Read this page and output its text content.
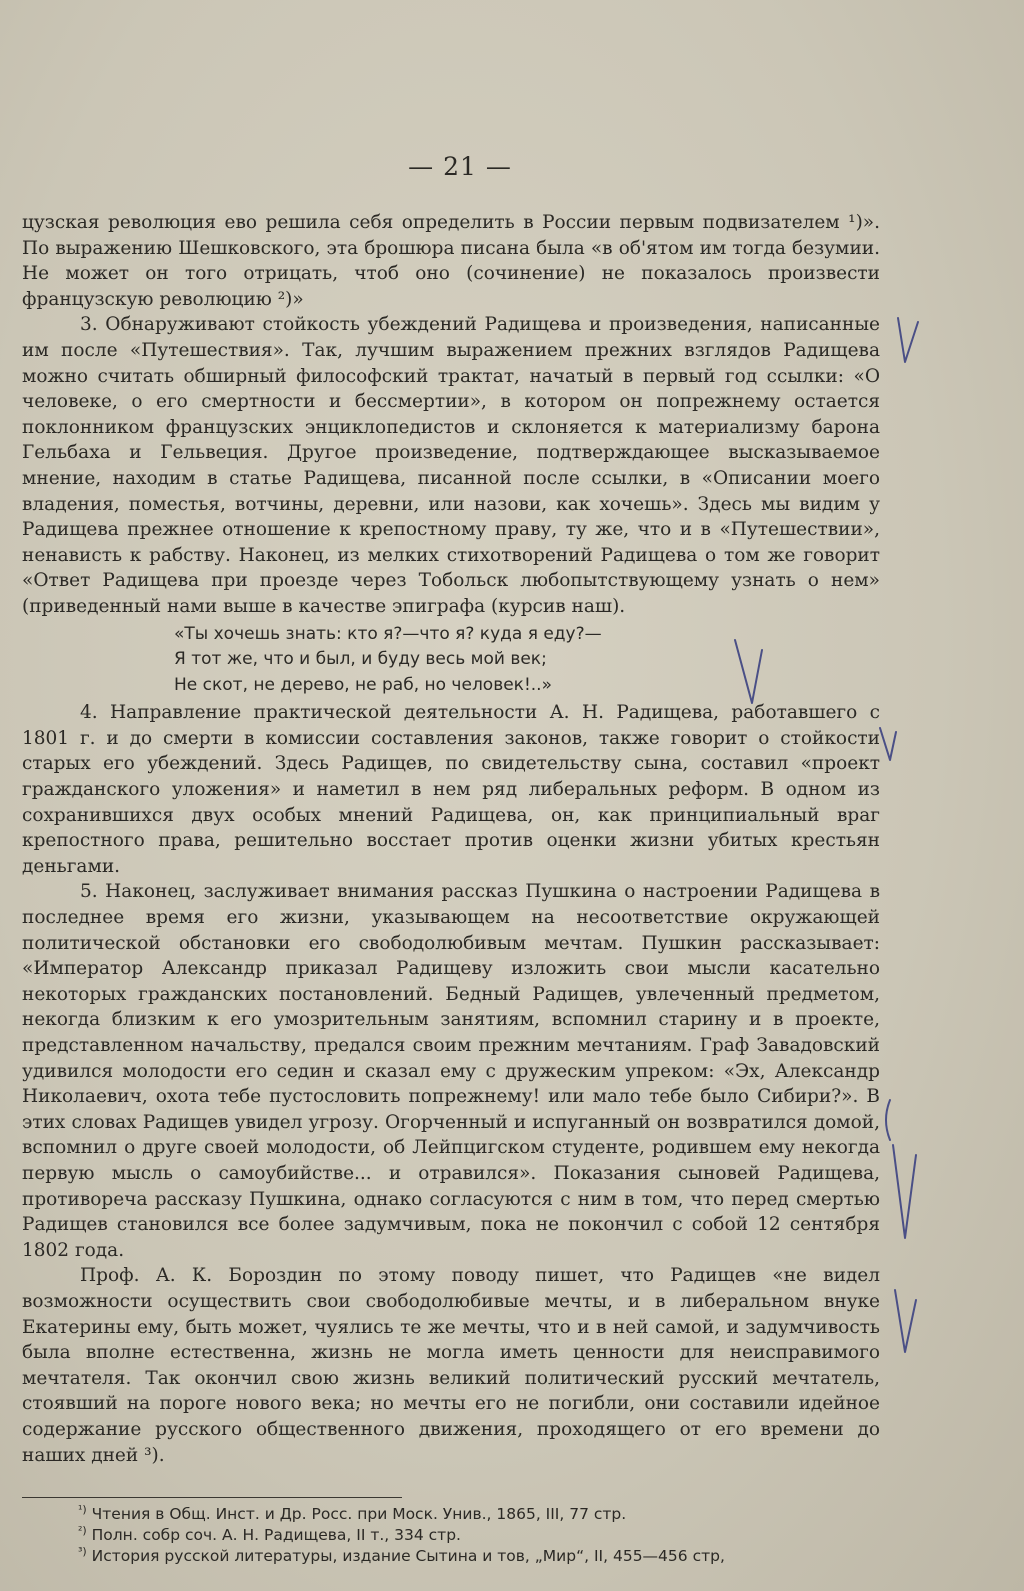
— 21 —

цузская революция ево решила себя определить в России первым подвизателем ¹)». По выражению Шешковского, эта брошюра писана была «в об'ятом им тогда безумии. Не может он того отрицать, чтоб оно (сочинение) не показалось произвести французскую революцию ²)»

3. Обнаруживают стойкость убеждений Радищева и произведения, написанные им после «Путешествия». Так, лучшим выражением прежних взглядов Радищева можно считать обширный философский трактат, начатый в первый год ссылки: «О человеке, о его смертности и бессмертии», в котором он попрежнему остается поклонником французских энциклопедистов и склоняется к материализму барона Гельбаха и Гельвеция. Другое произведение, подтверждающее высказываемое мнение, находим в статье Радищева, писанной после ссылки, в «Описании моего владения, поместья, вотчины, деревни, или назови, как хочешь». Здесь мы видим у Радищева прежнее отношение к крепостному праву, ту же, что и в «Путешествии», ненависть к рабству. Наконец, из мелких стихотворений Радищева о том же говорит «Ответ Радищева при проезде через Тобольск любопытствующему узнать о нем» (приведенный нами выше в качестве эпиграфа (курсив наш).

«Ты хочешь знать: кто я?—что я? куда я еду?—
Я тот же, что и был, и буду весь мой век;
Не скот, не дерево, не раб, но человек!..»

4. Направление практической деятельности А. Н. Радищева, работавшего с 1801 г. и до смерти в комиссии составления законов, также говорит о стойкости старых его убеждений. Здесь Радищев, по свидетельству сына, составил «проект гражданского уложения» и наметил в нем ряд либеральных реформ. В одном из сохранившихся двух особых мнений Радищева, он, как принципиальный враг крепостного права, решительно восстает против оценки жизни убитых крестьян деньгами.

5. Наконец, заслуживает внимания рассказ Пушкина о настроении Радищева в последнее время его жизни, указывающем на несоответствие окружающей политической обстановки его свободолюбивым мечтам. Пушкин рассказывает: «Император Александр приказал Радищеву изложить свои мысли касательно некоторых гражданских постановлений. Бедный Радищев, увлеченный предметом, некогда близким к его умозрительным занятиям, вспомнил старину и в проекте, представленном начальству, предался своим прежним мечтаниям. Граф Завадовский удивился молодости его седин и сказал ему с дружеским упреком: «Эх, Александр Николаевич, охота тебе пустословить попрежнему! или мало тебе было Сибири?». В этих словах Радищев увидел угрозу. Огорченный и испуганный он возвратился домой, вспомнил о друге своей молодости, об Лейпцигском студенте, родившем ему некогда первую мысль о самоубийстве... и отравился». Показания сыновей Радищева, противореча рассказу Пушкина, однако согласуются с ним в том, что перед смертью Радищев становился все более задумчивым, пока не покончил с собой 12 сентября 1802 года.

Проф. А. К. Бороздин по этому поводу пишет, что Радищев «не видел возможности осуществить свои свободолюбивые мечты, и в либеральном внуке Екатерины ему, быть может, чуялись те же мечты, что и в ней самой, и задумчивость была вполне естественна, жизнь не могла иметь ценности для неисправимого мечтателя. Так окончил свою жизнь великий политический русский мечтатель, стоявший на пороге нового века; но мечты его не погибли, они составили идейное содержание русского общественного движения, проходящего от его времени до наших дней ³).

$^{^1)}$ Чтения в Общ. Инст. и Др. Росс. при Моск. Унив., 1865, III, 77 стр.
$^{^2)}$ Полн. собр соч. А. Н. Радищева, II т., 334 стр.
$^{^3)}$ История русской литературы, издание Сытина и тов, „Мир“, II, 455—456 стр,
